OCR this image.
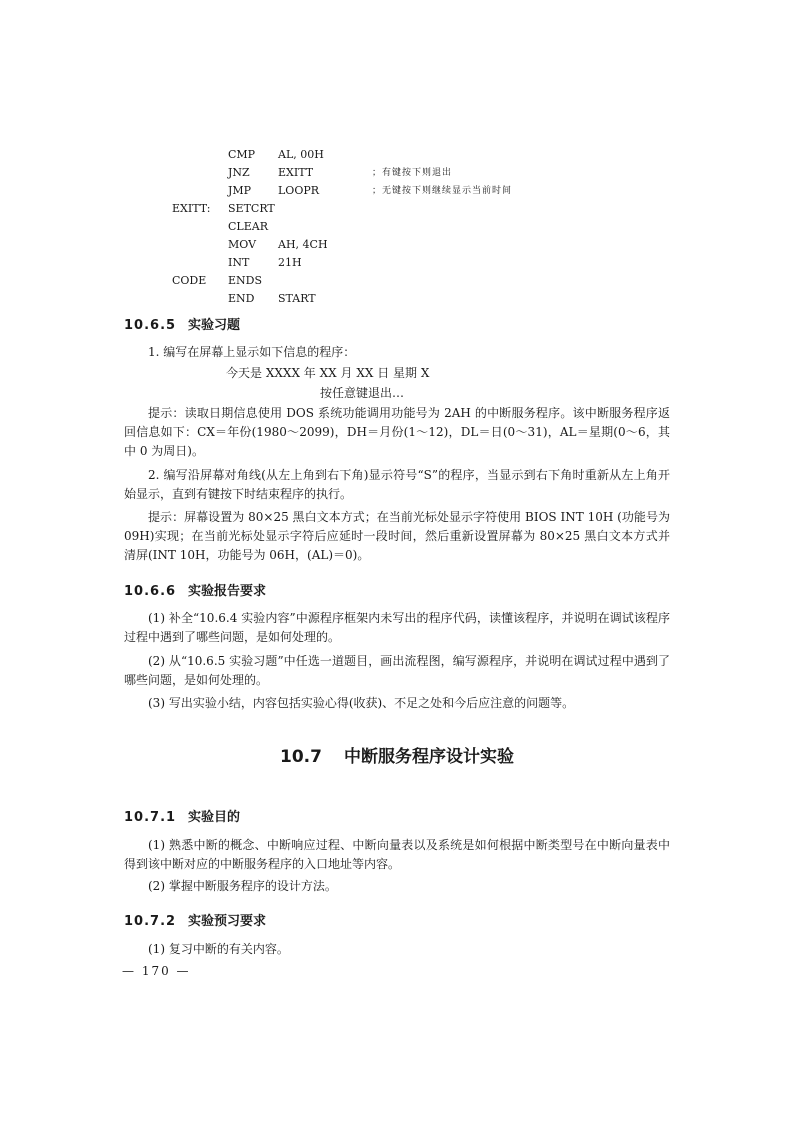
CMP AL, 00H
JNZ	EXITT	；有键按下则退出
JMP LOOPR	；无键按下则继续显示当前时间
EXITT: SETCRT
CLEAR
MOV AH, 4CH
INT	21H
CODE ENDS
END START
10.6.5 实验习题

1. 编写在屏幕上显示如下信息的程序：

今天是 XXXX 年 XX 月 XX 日 星期 X
按任意键退出…

提示：读取日期信息使用 DOS 系统功能调用功能号为 2AH 的中断服务程序。该中断服务程序返回信息如下：CX＝年份(1980～2099)，DH＝月份(1～12)，DL＝日(0～31)，AL＝星期(0～6，其中 0 为周日)。

2. 编写沿屏幕对角线(从左上角到右下角)显示符号“S”的程序，当显示到右下角时重新从左上角开始显示，直到有键按下时结束程序的执行。

提示：屏幕设置为 80×25 黑白文本方式；在当前光标处显示字符使用 BIOS INT 10H (功能号为 09H)实现；在当前光标处显示字符后应延时一段时间，然后重新设置屏幕为 80×25 黑白文本方式并清屏(INT 10H，功能号为 06H，(AL)＝0)。

10.6.6 实验报告要求

(1) 补全“10.6.4 实验内容”中源程序框架内未写出的程序代码，读懂该程序，并说明在调试该程序过程中遇到了哪些问题，是如何处理的。

(2) 从“10.6.5 实验习题”中任选一道题目，画出流程图，编写源程序，并说明在调试过程中遇到了哪些问题，是如何处理的。

(3) 写出实验小结，内容包括实验心得(收获)、不足之处和今后应注意的问题等。

10.7 中断服务程序设计实验
10.7.1 实验目的

(1) 熟悉中断的概念、中断响应过程、中断向量表以及系统是如何根据中断类型号在中断向量表中得到该中断对应的中断服务程序的入口地址等内容。

(2) 掌握中断服务程序的设计方法。

10.7.2 实验预习要求

(1) 复习中断的有关内容。

— 170 —
